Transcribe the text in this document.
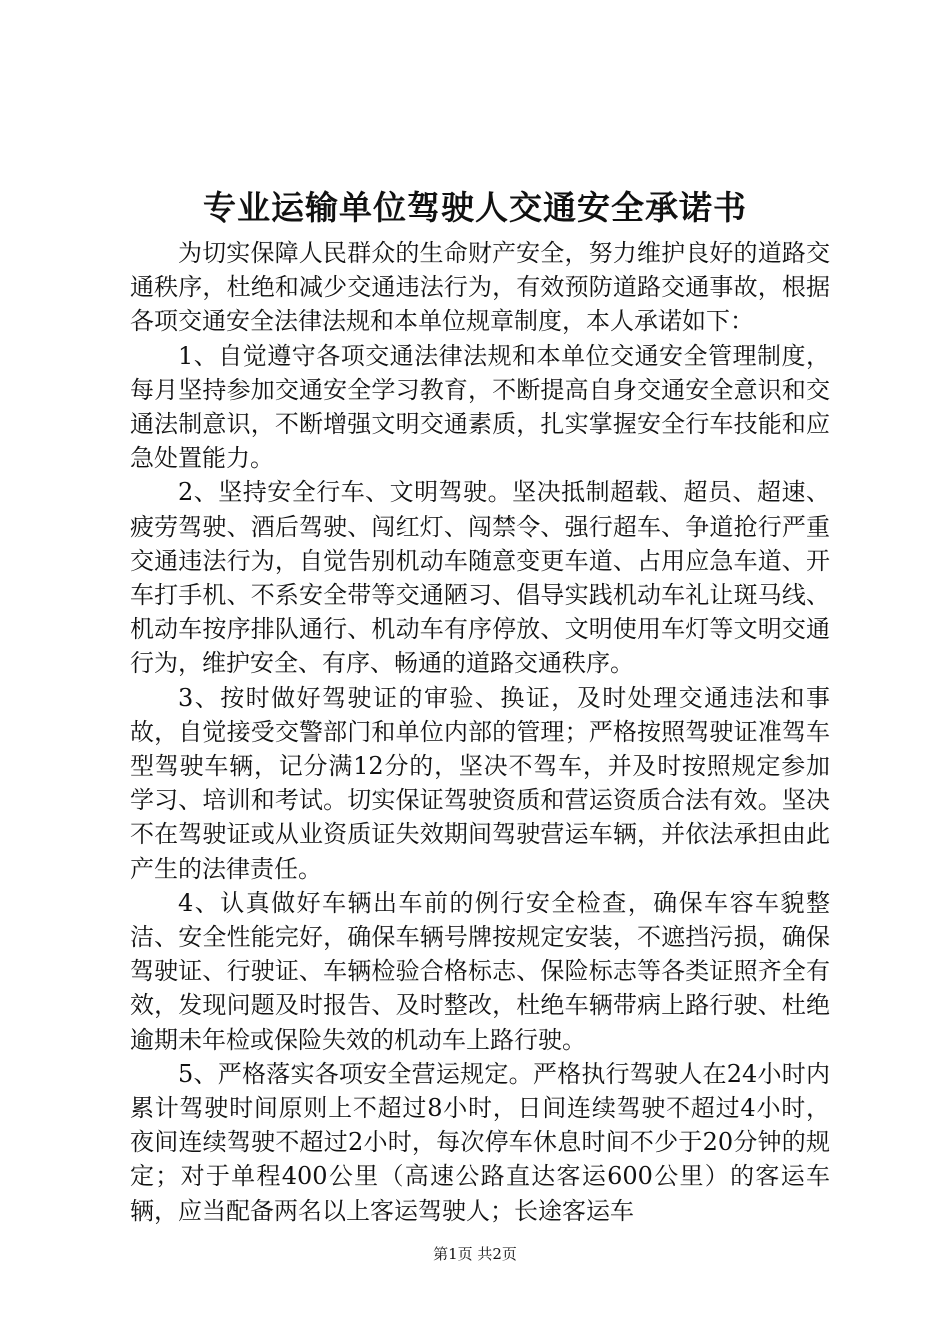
专业运输单位驾驶人交通安全承诺书

为切实保障人民群众的生命财产安全，努力维护良好的道路交通秩序，杜绝和减少交通违法行为，有效预防道路交通事故，根据各项交通安全法律法规和本单位规章制度，本人承诺如下：

1、自觉遵守各项交通法律法规和本单位交通安全管理制度，每月坚持参加交通安全学习教育，不断提高自身交通安全意识和交通法制意识，不断增强文明交通素质，扎实掌握安全行车技能和应急处置能力。

2、坚持安全行车、文明驾驶。坚决抵制超载、超员、超速、疲劳驾驶、酒后驾驶、闯红灯、闯禁令、强行超车、争道抢行严重交通违法行为，自觉告别机动车随意变更车道、占用应急车道、开车打手机、不系安全带等交通陋习、倡导实践机动车礼让斑马线、机动车按序排队通行、机动车有序停放、文明使用车灯等文明交通行为，维护安全、有序、畅通的道路交通秩序。

3、按时做好驾驶证的审验、换证，及时处理交通违法和事故，自觉接受交警部门和单位内部的管理；严格按照驾驶证准驾车型驾驶车辆，记分满12分的，坚决不驾车，并及时按照规定参加学习、培训和考试。切实保证驾驶资质和营运资质合法有效。坚决不在驾驶证或从业资质证失效期间驾驶营运车辆，并依法承担由此产生的法律责任。

4、认真做好车辆出车前的例行安全检查，确保车容车貌整洁、安全性能完好，确保车辆号牌按规定安装，不遮挡污损，确保驾驶证、行驶证、车辆检验合格标志、保险标志等各类证照齐全有效，发现问题及时报告、及时整改，杜绝车辆带病上路行驶、杜绝逾期未年检或保险失效的机动车上路行驶。

5、严格落实各项安全营运规定。严格执行驾驶人在24小时内累计驾驶时间原则上不超过8小时，日间连续驾驶不超过4小时，夜间连续驾驶不超过2小时，每次停车休息时间不少于20分钟的规定；对于单程400公里（高速公路直达客运600公里）的客运车辆，应当配备两名以上客运驾驶人；长途客运车

第1页 共2页
